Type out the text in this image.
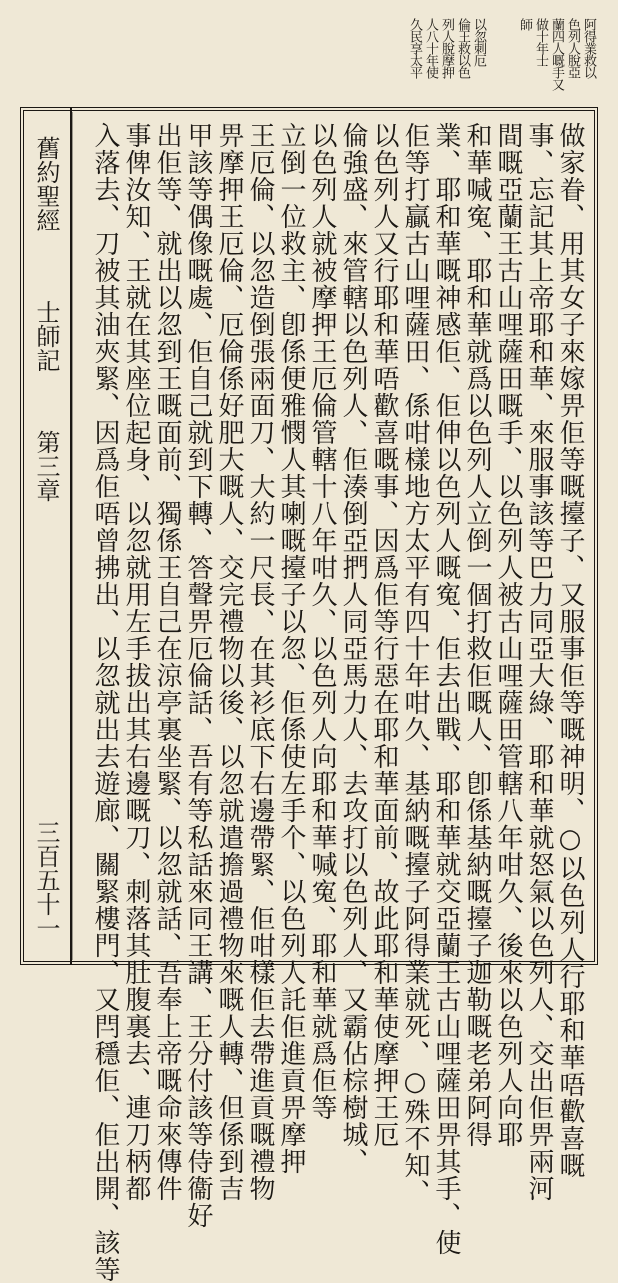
阿得業救以
色列人脫亞
蘭四人嘅手又
做十年士
師
以忽刺厄
倫王救以色
列人脫摩押
人八十年使
久民享太平
舊約聖經
士師記
第三章
三百五十一	做家眷、用其女子來嫁畀佢等嘅擡子、又服事佢等嘅神明、○以色列人行耶和華唔歡喜嘅
事、忘記其上帝耶和華、來服事該等巴力同亞大綠、耶和華就怒氣以色列人、交出佢畀兩河
間嘅亞蘭王古山哩薩田嘅手、以色列人被古山哩薩田管轄八年咁久、後來以色列人向耶
和華喊寃、耶和華就爲以色列人立倒一個打救佢嘅人、卽係基納嘅擡子迦勒嘅老弟阿得
業、耶和華嘅神感佢、佢伸以色列人嘅寃、佢去出戰、耶和華就交亞蘭王古山哩薩田畀其手、使
佢等打贏古山哩薩田、係咁樣地方太平有四十年咁久、基納嘅擡子阿得業就死、○殊不知、
以色列人又行耶和華唔歡喜嘅事、因爲佢等行惡在耶和華面前、故此耶和華使摩押王厄
倫強盛、來管轄以色列人、佢湊倒亞捫人同亞馬力人、去攻打以色列人、又霸佔棕樹城、
以色列人就被摩押王厄倫管轄十八年咁久、以色列人向耶和華喊寃、耶和華就爲佢等
立倒一位救主、卽係便雅憫人其喇嘅擡子以忽、佢係使左手个、以色列人託佢進貢畀摩押
王厄倫、以忽造倒張兩面刀、大約一尺長、在其衫底下右邊帶緊、佢咁樣佢去帶進貢嘅禮物
畀摩押王厄倫、厄倫係好肥大嘅人、交完禮物以後、以忽就遣擔過禮物來嘅人轉、但係到吉
甲該等偶像嘅處、佢自己就到下轉、答聲畀厄倫話、吾有等私話來同王講、王分付該等侍衞好
出佢等、就出以忽到王嘅面前、獨係王自己在涼亭裏坐緊、以忽就話、吾奉上帝嘅命來傳件
事俾汝知、王就在其座位起身、以忽就用左手拔出其右邊嘅刀、刺落其肚腹裏去、連刀柄都
入落去、刀被其油夾緊、因爲佢唔曾拂出、以忽就出去遊廊、關緊樓門、又閂穩佢、佢出開、該等
